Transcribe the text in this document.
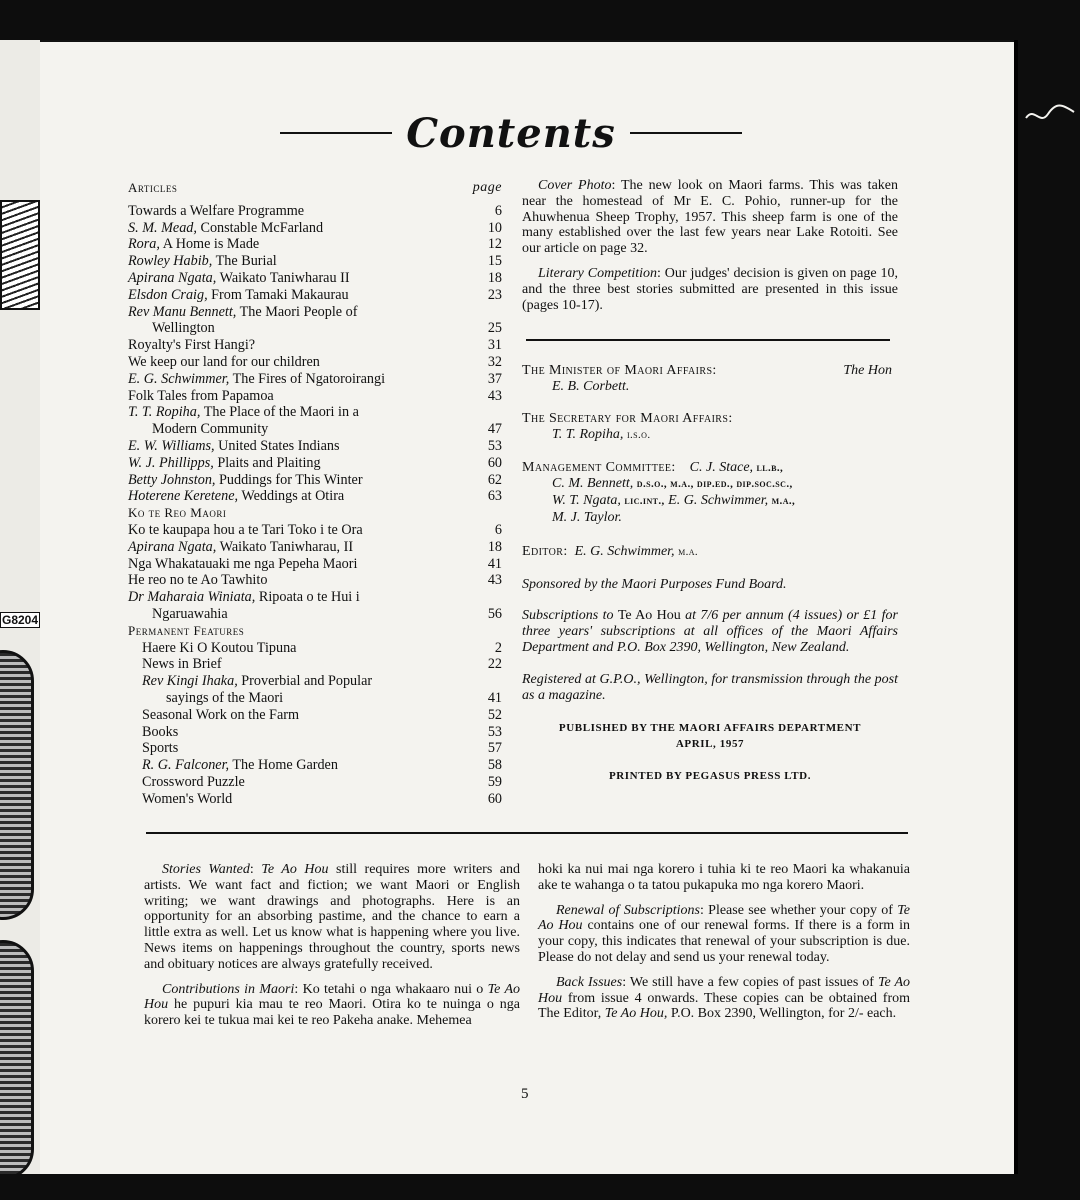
G8204
Contents
Articles	page
Towards a Welfare Programme	6
S. M. Mead, Constable McFarland	10
Rora, A Home is Made	12
Rowley Habib, The Burial	15
Apirana Ngata, Waikato Taniwharau II	18
Elsdon Craig, From Tamaki Makaurau	23
Rev Manu Bennett, The Maori People of
Wellington	25
Royalty's First Hangi?	31
We keep our land for our children	32
E. G. Schwimmer, The Fires of Ngatoroirangi	37
Folk Tales from Papamoa	43
T. T. Ropiha, The Place of the Maori in a
Modern Community	47
E. W. Williams, United States Indians	53
W. J. Phillipps, Plaits and Plaiting	60
Betty Johnston, Puddings for This Winter	62
Hoterene Keretene, Weddings at Otira	63
Ko te Reo Maori
Ko te kaupapa hou a te Tari Toko i te Ora	6
Apirana Ngata, Waikato Taniwharau, II	18
Nga Whakatauaki me nga Pepeha Maori	41
He reo no te Ao Tawhito	43
Dr Maharaia Winiata, Ripoata o te Hui i
Ngaruawahia	56
Permanent Features
Haere Ki O Koutou Tipuna	2
News in Brief	22
Rev Kingi Ihaka, Proverbial and Popular
sayings of the Maori	41
Seasonal Work on the Farm	52
Books	53
Sports	57
R. G. Falconer, The Home Garden	58
Crossword Puzzle	59
Women's World	60

Cover Photo: The new look on Maori farms. This was taken near the homestead of Mr E. C. Pohio, runner-up for the Ahuwhenua Sheep Trophy, 1957. This sheep farm is one of the many established over the last few years near Lake Rotoiti. See our article on page 32.

Literary Competition: Our judges' decision is given on page 10, and the three best stories submitted are presented in this issue (pages 10-17).

The Minister of Maori Affairs:	The Hon
E. B. Corbett.
The Secretary for Maori Affairs:
T. T. Ropiha, i.s.o.
Management Committee: C. J. Stace, ll.b.,
C. M. Bennett, d.s.o., m.a., dip.ed., dip.soc.sc.,
W. T. Ngata, lic.int., E. G. Schwimmer, m.a.,
M. J. Taylor.
Editor: E. G. Schwimmer, m.a.

Sponsored by the Maori Purposes Fund Board.

Subscriptions to Te Ao Hou at 7/6 per annum (4 issues) or £1 for three years' subscriptions at all offices of the Maori Affairs Department and P.O. Box 2390, Wellington, New Zealand.

Registered at G.P.O., Wellington, for transmission through the post as a magazine.

PUBLISHED BY THE MAORI AFFAIRS DEPARTMENT
APRIL, 1957
PRINTED BY PEGASUS PRESS LTD.

Stories Wanted: Te Ao Hou still requires more writers and artists. We want fact and fiction; we want Maori or English writing; we want drawings and photographs. Here is an opportunity for an absorbing pastime, and the chance to earn a little extra as well. Let us know what is happening where you live. News items on happenings throughout the country, sports news and obituary notices are always gratefully received.

Contributions in Maori: Ko tetahi o nga whakaaro nui o Te Ao Hou he pupuri kia mau te reo Maori. Otira ko te nuinga o nga korero kei te tukua mai kei te reo Pakeha anake. Mehemea

hoki ka nui mai nga korero i tuhia ki te reo Maori ka whakanuia ake te wahanga o ta tatou pukapuka mo nga korero Maori.

Renewal of Subscriptions: Please see whether your copy of Te Ao Hou contains one of our renewal forms. If there is a form in your copy, this indicates that renewal of your subscription is due. Please do not delay and send us your renewal today.

Back Issues: We still have a few copies of past issues of Te Ao Hou from issue 4 onwards. These copies can be obtained from The Editor, Te Ao Hou, P.O. Box 2390, Wellington, for 2/- each.

5
